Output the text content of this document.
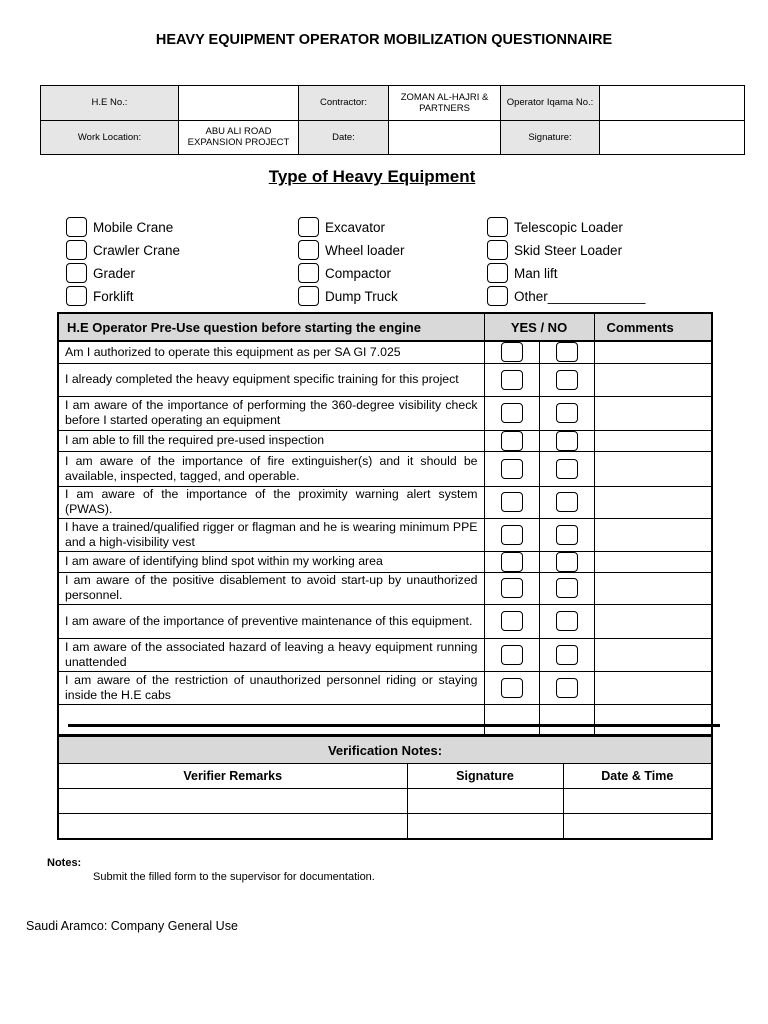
HEAVY EQUIPMENT OPERATOR MOBILIZATION QUESTIONNAIRE
H.E No.:		Contractor:	ZOMAN AL-HAJRI & PARTNERS	Operator Iqama No.:	
Work Location:	ABU ALI ROAD EXPANSION PROJECT	Date:		Signature:	
Type of Heavy Equipment
Mobile Crane
Crawler Crane
Grader
Forklift
Excavator
Wheel loader
Compactor
Dump Truck
Telescopic Loader
Skid Steer Loader
Man lift
Other_____________
H.E Operator Pre-Use question before starting the engine	YES / NO		Comments
Am I authorized to operate this equipment as per SA GI 7.025			
I already completed the heavy equipment specific training for this project			
I am aware of the importance of performing the 360-degree visibility check before I started operating an equipment			
I am able to fill the required pre-used inspection			
I am aware of the importance of fire extinguisher(s) and it should be available, inspected, tagged, and operable.			
I am aware of the importance of the proximity warning alert system (PWAS).			
I have a trained/qualified rigger or flagman and he is wearing minimum PPE and a high-visibility vest			
I am aware of identifying blind spot within my working area			
I am aware of the positive disablement to avoid start-up by unauthorized personnel.			
I am aware of the importance of preventive maintenance of this equipment.			
I am aware of the associated hazard of leaving a heavy equipment running unattended			
I am aware of the restriction of unauthorized personnel riding or staying inside the H.E cabs			

Verification Notes:		
Verifier Remarks	Signature	Date & Time

Notes:
Submit the filled form to the supervisor for documentation.
Saudi Aramco: Company General Use
